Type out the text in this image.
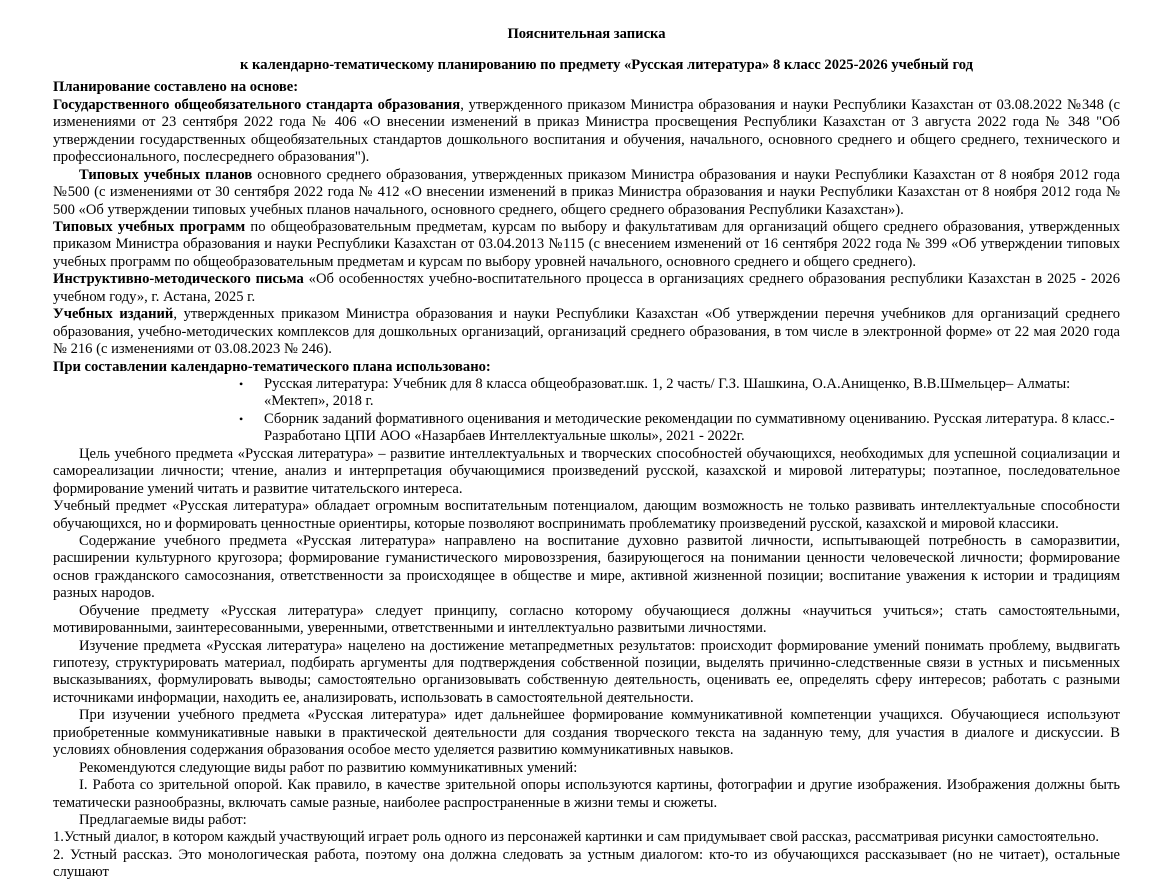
Пояснительная записка
к календарно-тематическому планированию по предмету «Русская литература» 8 класс 2025-2026 учебный год
Планирование составлено на основе:

Государственного общеобязательного стандарта образования, утвержденного приказом Министра образования и науки Республики Казахстан от 03.08.2022 №348 (с изменениями от 23 сентября 2022 года № 406 «О внесении изменений в приказ Министра просвещения Республики Казахстан от 3 августа 2022 года № 348 "Об утверждении государственных общеобязательных стандартов дошкольного воспитания и обучения, начального, основного среднего и общего среднего, технического и профессионального, послесреднего образования").

Типовых учебных планов основного среднего образования, утвержденных приказом Министра образования и науки Республики Казахстан от 8 ноября 2012 года №500 (с изменениями от 30 сентября 2022 года № 412 «О внесении изменений в приказ Министра образования и науки Республики Казахстан от 8 ноября 2012 года № 500 «Об утверждении типовых учебных планов начального, основного среднего, общего среднего образования Республики Казахстан»).

Типовых учебных программ по общеобразовательным предметам, курсам по выбору и факультативам для организаций общего среднего образования, утвержденных приказом Министра образования и науки Республики Казахстан от 03.04.2013 №115 (с внесением изменений от 16 сентября 2022 года № 399 «Об утверждении типовых учебных программ по общеобразовательным предметам и курсам по выбору уровней начального, основного среднего и общего среднего).

Инструктивно-методического письма «Об особенностях учебно-воспитательного процесса в организациях среднего образования республики Казахстан в 2025 - 2026 учебном году», г. Астана, 2025 г.

Учебных изданий, утвержденных приказом Министра образования и науки Республики Казахстан «Об утверждении перечня учебников для организаций среднего образования, учебно-методических комплексов для дошкольных организаций, организаций среднего образования, в том числе в электронной форме» от 22 мая 2020 года № 216 (с изменениями от 03.08.2023 № 246).

При составлении календарно-тематического плана использовано:
• Русская литература: Учебник для 8 класса общеобразоват.шк. 1, 2 часть/ Г.З. Шашкина, О.А.Анищенко, В.В.Шмельцер– Алматы: «Мектеп», 2018 г.
• Сборник заданий формативного оценивания и методические рекомендации по суммативному оцениванию. Русская литература. 8 класс.- Разработано ЦПИ АОО «Назарбаев Интеллектуальные школы», 2021 - 2022г.

Цель учебного предмета «Русская литература» – развитие интеллектуальных и творческих способностей обучающихся, необходимых для успешной социализации и самореализации личности; чтение, анализ и интерпретация обучающимися произведений русской, казахской и мировой литературы; поэтапное, последовательное формирование умений читать и развитие читательского интереса.

Учебный предмет «Русская литература» обладает огромным воспитательным потенциалом, дающим возможность не только развивать интеллектуальные способности обучающихся, но и формировать ценностные ориентиры, которые позволяют воспринимать проблематику произведений русской, казахской и мировой классики.

Содержание учебного предмета «Русская литература» направлено на воспитание духовно развитой личности, испытывающей потребность в саморазвитии, расширении культурного кругозора; формирование гуманистического мировоззрения, базирующегося на понимании ценности человеческой личности; формирование основ гражданского самосознания, ответственности за происходящее в обществе и мире, активной жизненной позиции; воспитание уважения к истории и традициям разных народов.

Обучение предмету «Русская литература» следует принципу, согласно которому обучающиеся должны «научиться учиться»; стать самостоятельными, мотивированными, заинтересованными, уверенными, ответственными и интеллектуально развитыми личностями.

Изучение предмета «Русская литература» нацелено на достижение метапредметных результатов: происходит формирование умений понимать проблему, выдвигать гипотезу, структурировать материал, подбирать аргументы для подтверждения собственной позиции, выделять причинно-следственные связи в устных и письменных высказываниях, формулировать выводы; самостоятельно организовывать собственную деятельность, оценивать ее, определять сферу интересов; работать с разными источниками информации, находить ее, анализировать, использовать в самостоятельной деятельности.

При изучении учебного предмета «Русская литература» идет дальнейшее формирование коммуникативной компетенции учащихся. Обучающиеся используют приобретенные коммуникативные навыки в практической деятельности для создания творческого текста на заданную тему, для участия в диалоге и дискуссии. В условиях обновления содержания образования особое место уделяется развитию коммуникативных навыков.

Рекомендуются следующие виды работ по развитию коммуникативных умений:

I. Работа со зрительной опорой. Как правило, в качестве зрительной опоры используются картины, фотографии и другие изображения. Изображения должны быть тематически разнообразны, включать самые разные, наиболее распространенные в жизни темы и сюжеты.

Предлагаемые виды работ:

1.Устный диалог, в котором каждый участвующий играет роль одного из персонажей картинки и сам придумывает свой рассказ, рассматривая рисунки самостоятельно.

2. Устный рассказ. Это монологическая работа, поэтому она должна следовать за устным диалогом: кто-то из обучающихся рассказывает (но не читает), остальные слушают
